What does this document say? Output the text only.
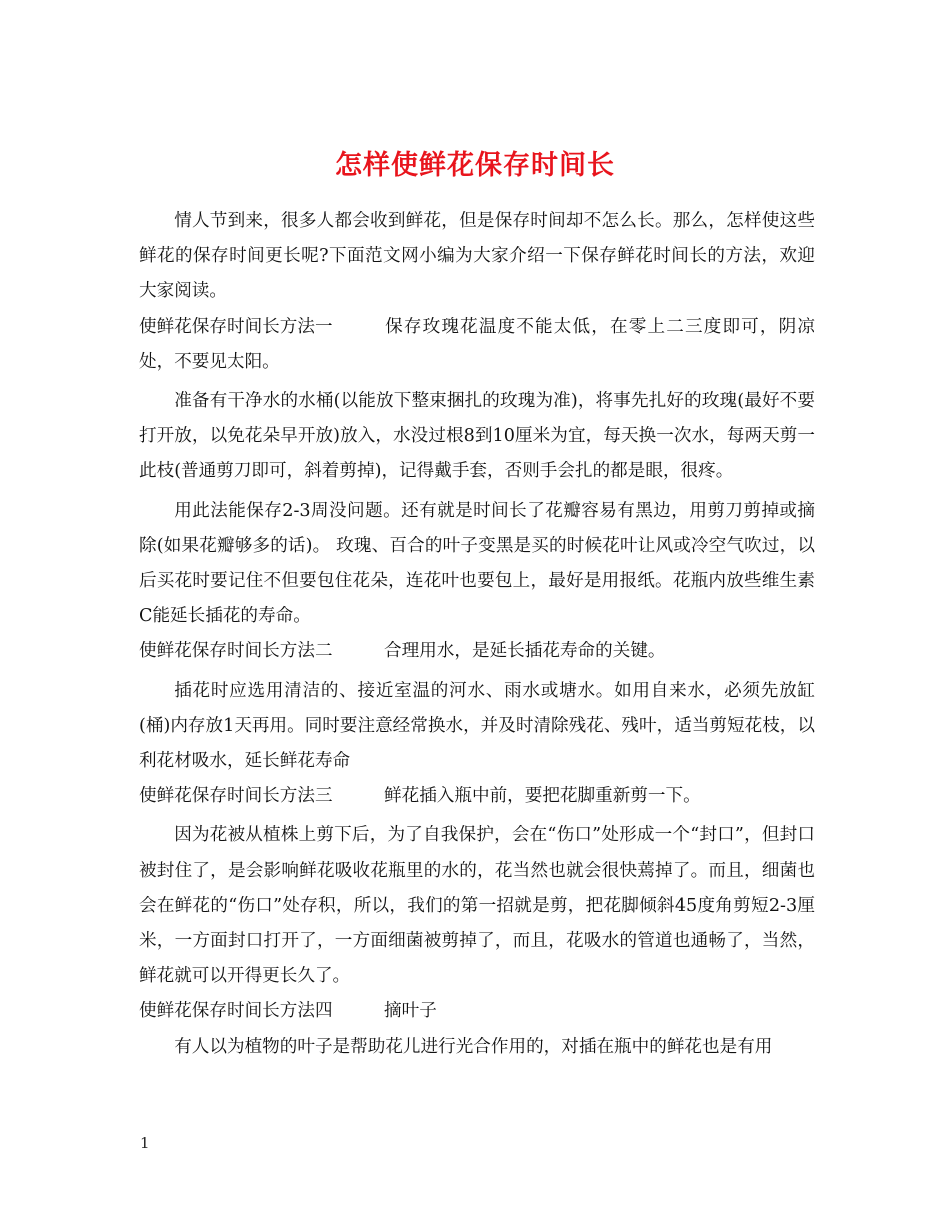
怎样使鲜花保存时间长

情人节到来，很多人都会收到鲜花，但是保存时间却不怎么长。那么，怎样使这些鲜花的保存时间更长呢?下面范文网小编为大家介绍一下保存鲜花时间长的方法，欢迎大家阅读。

使鲜花保存时间长方法一	保存玫瑰花温度不能太低，在零上二三度即可，阴凉处，不要见太阳。

准备有干净水的水桶(以能放下整束捆扎的玫瑰为准)，将事先扎好的玫瑰(最好不要打开放，以免花朵早开放)放入，水没过根8到10厘米为宜，每天换一次水，每两天剪一此枝(普通剪刀即可，斜着剪掉)，记得戴手套，否则手会扎的都是眼，很疼。

用此法能保存2-3周没问题。还有就是时间长了花瓣容易有黑边，用剪刀剪掉或摘除(如果花瓣够多的话)。 玫瑰、百合的叶子变黑是买的时候花叶让风或冷空气吹过，以后买花时要记住不但要包住花朵，连花叶也要包上，最好是用报纸。花瓶内放些维生素C能延长插花的寿命。

使鲜花保存时间长方法二	合理用水，是延长插花寿命的关键。

插花时应选用清洁的、接近室温的河水、雨水或塘水。如用自来水，必须先放缸(桶)内存放1天再用。同时要注意经常换水，并及时清除残花、残叶，适当剪短花枝，以利花材吸水，延长鲜花寿命

使鲜花保存时间长方法三	鲜花插入瓶中前，要把花脚重新剪一下。

因为花被从植株上剪下后，为了自我保护，会在“伤口”处形成一个“封口”，但封口被封住了，是会影响鲜花吸收花瓶里的水的，花当然也就会很快蔫掉了。而且，细菌也会在鲜花的“伤口”处存积，所以，我们的第一招就是剪，把花脚倾斜45度角剪短2-3厘米，一方面封口打开了，一方面细菌被剪掉了，而且，花吸水的管道也通畅了，当然，鲜花就可以开得更长久了。

使鲜花保存时间长方法四	摘叶子

有人以为植物的叶子是帮助花儿进行光合作用的，对插在瓶中的鲜花也是有用

1
